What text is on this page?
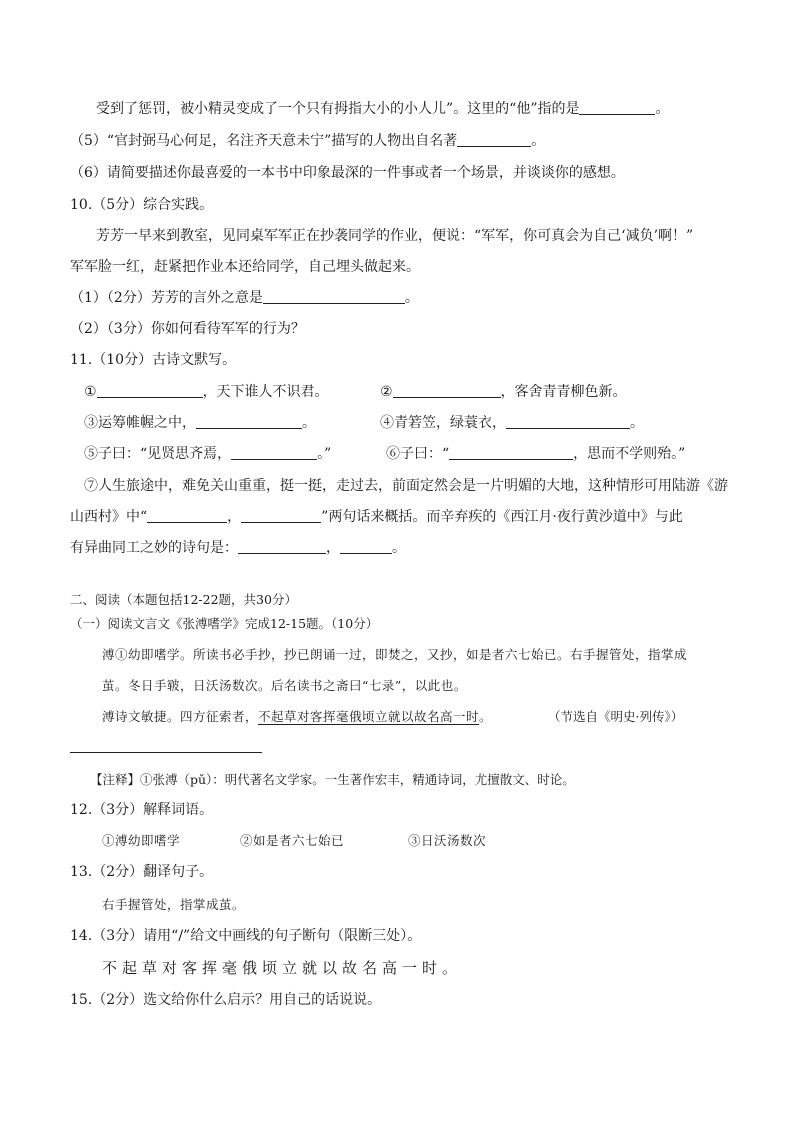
受到了惩罚，被小精灵变成了一个只有拇指大小的小人儿”。这里的“他”指的是	。
（5）“官封弼马心何足，名注齐天意未宁”描写的人物出自名著	。
（6）请简要描述你最喜爱的一本书中印象最深的一件事或者一个场景，并谈谈你的感想。
10.（5分）综合实践。
芳芳一早来到教室，见同桌军军正在抄袭同学的作业，便说：“军军，你可真会为自己‘减负’啊！”
军军脸一红，赶紧把作业本还给同学，自己埋头做起来。
（1）（2分）芳芳的言外之意是	。
（2）（3分）你如何看待军军的行为？
11.（10分）古诗文默写。
①	，天下谁人不识君。	②	，客舍青青柳色新。
③运筹帷幄之中，	。	④青箬笠，绿蓑衣，	。
⑤子曰：“见贤思齐焉，	。”	⑥子曰：“	，思而不学则殆。”
⑦人生旅途中，难免关山重重，挺一挺，走过去，前面定然会是一片明媚的大地，这种情形可用陆游《游
山西村》中“	，	”两句话来概括。而辛弃疾的《西江月·夜行黄沙道中》与此
有异曲同工之妙的诗句是：	，	。
二、阅读（本题包括12-22题，共30分）
（一）阅读文言文《张溥嗜学》完成12-15题。（10分）
溥①幼即嗜学。所读书必手抄，抄已朗诵一过，即焚之，又抄，如是者六七始已。右手握管处，指掌成
茧。冬日手皲，日沃汤数次。后名读书之斋曰“七录”，以此也。
溥诗文敏捷。四方征索者，不起草对客挥毫俄顷立就以故名高一时。	（节选自《明史·列传》）
【注释】①张溥（pǔ）：明代著名文学家。一生著作宏丰，精通诗词，尤擅散文、时论。
12.（3分）解释词语。
①溥幼即嗜学	②如是者六七始已	③日沃汤数次
13.（2分）翻译句子。
右手握管处，指掌成茧。
14.（3分）请用“/”给文中画线的句子断句（限断三处）。
不起草对客挥毫俄顷立就以故名高一时。
15.（2分）选文给你什么启示？用自己的话说说。
